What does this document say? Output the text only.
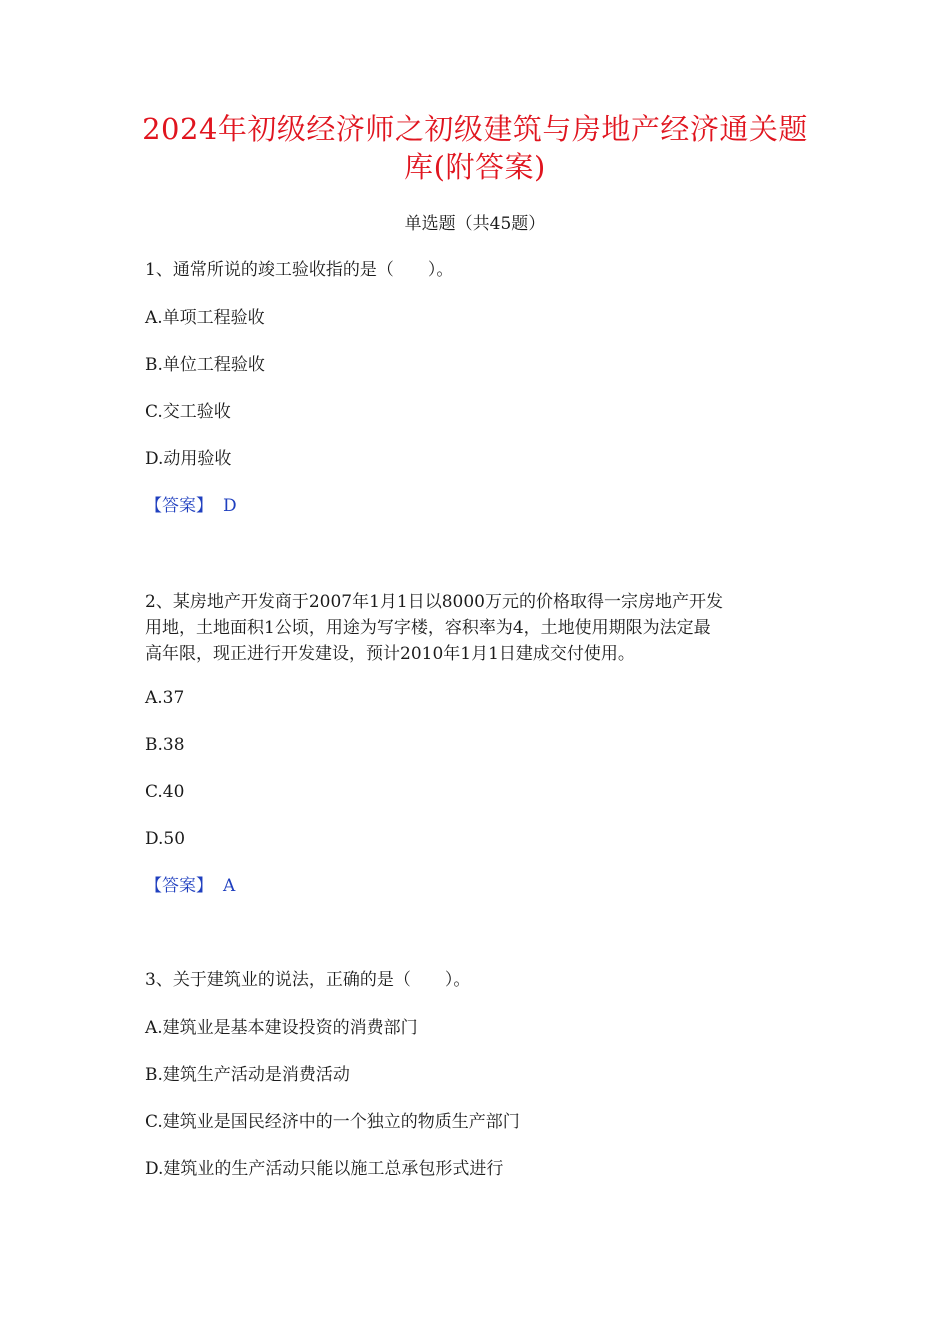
2024年初级经济师之初级建筑与房地产经济通关题
库(附答案)
单选题（共45题）
1、通常所说的竣工验收指的是（　　）。
A.单项工程验收
B.单位工程验收
C.交工验收
D.动用验收
【答案】 D
2、某房地产开发商于2007年1月1日以8000万元的价格取得一宗房地产开发
用地，土地面积1公顷，用途为写字楼，容积率为4，土地使用期限为法定最
高年限，现正进行开发建设，预计2010年1月1日建成交付使用。
A.37
B.38
C.40
D.50
【答案】 A
3、关于建筑业的说法，正确的是（　　）。
A.建筑业是基本建设投资的消费部门
B.建筑生产活动是消费活动
C.建筑业是国民经济中的一个独立的物质生产部门
D.建筑业的生产活动只能以施工总承包形式进行
